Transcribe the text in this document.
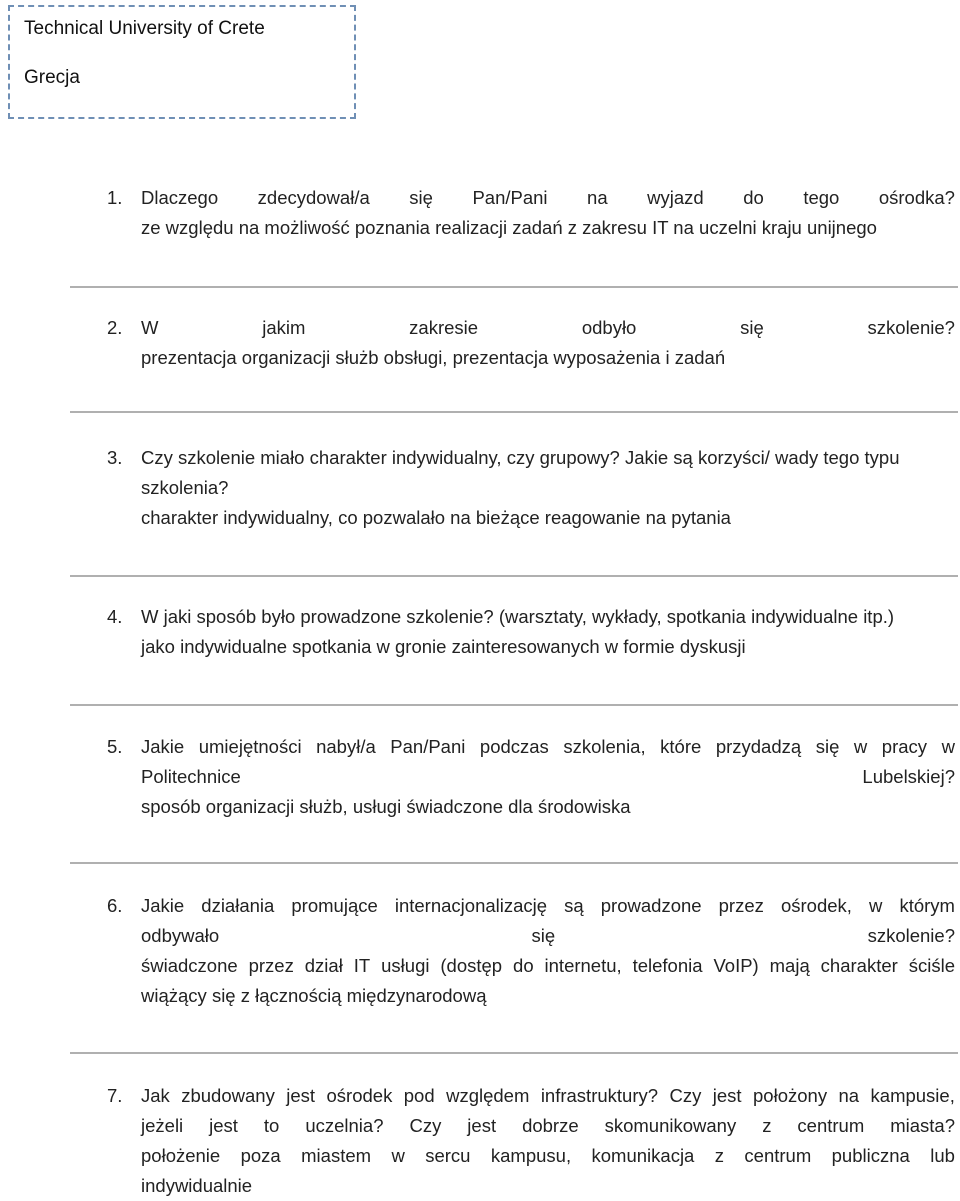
Technical University of Crete
Grecja
1. Dlaczego zdecydował/a się Pan/Pani na wyjazd do tego ośrodka?
ze względu na możliwość poznania realizacji zadań z zakresu IT na uczelni kraju unijnego
2. W	jakim	zakresie	odbyło	się	szkolenie?
prezentacja organizacji służb obsługi, prezentacja wyposażenia i zadań
3. Czy szkolenie miało charakter indywidualny, czy grupowy? Jakie są korzyści/ wady tego typu
szkolenia?
charakter indywidualny, co pozwalało na bieżące reagowanie na pytania
4. W jaki sposób było prowadzone szkolenie? (warsztaty, wykłady, spotkania indywidualne itp.)
jako indywidualne spotkania w gronie zainteresowanych w formie dyskusji
5. Jakie umiejętności nabył/a Pan/Pani podczas szkolenia, które przydadzą się w pracy w
Politechnice	Lubelskiej?
sposób organizacji służb, usługi świadczone dla środowiska
6. Jakie działania promujące internacjonalizację są prowadzone przez ośrodek, w którym
odbywało	się	szkolenie?
świadczone przez dział IT usługi (dostęp do internetu, telefonia VoIP) mają charakter ściśle
wiążący się z łącznością międzynarodową
7. Jak zbudowany jest ośrodek pod względem infrastruktury? Czy jest położony na kampusie,
jeżeli jest to uczelnia? Czy jest dobrze skomunikowany z centrum miasta?
położenie poza miastem w sercu kampusu, komunikacja z centrum publiczna lub
indywidualnie
